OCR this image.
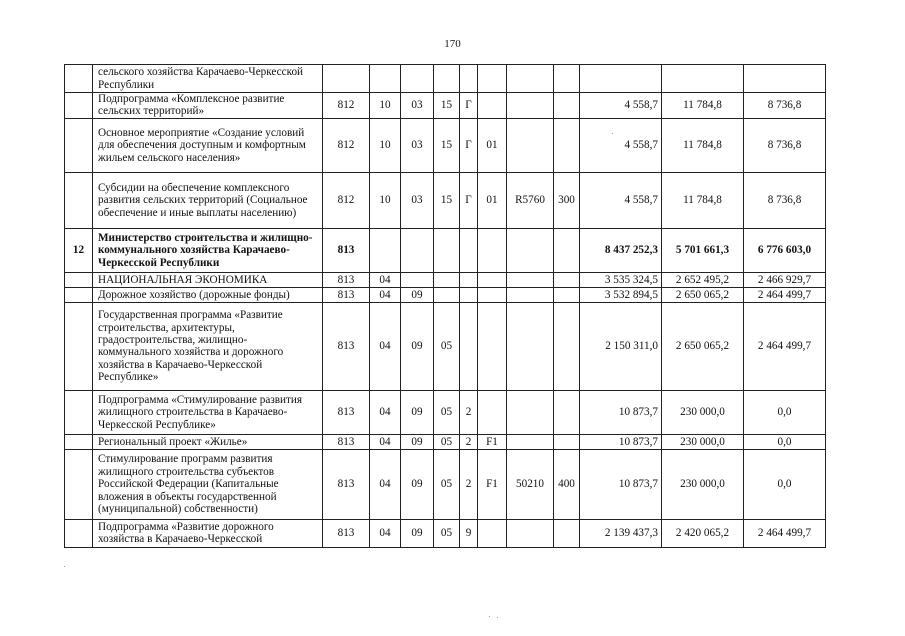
170
	сельского хозяйства Карачаево-Черкесской Республики											
	Подпрограмма «Комплексное развитие сельских территорий»	812	10	03	15	Г				4 558,7	11 784,8	8 736,8
	Основное мероприятие «Создание условий для обеспечения доступным и комфортным жильем сельского населения»	812	10	03	15	Г	01			4 558,7	11 784,8	8 736,8
	Субсидии на обеспечение комплексного развития сельских территорий (Социальное обеспечение и иные выплаты населению)	812	10	03	15	Г	01	R5760	300	4 558,7	11 784,8	8 736,8
12	Министерство строительства и жилищно-коммунального хозяйства Карачаево-Черкесской Республики	813								8 437 252,3	5 701 661,3	6 776 603,0
	НАЦИОНАЛЬНАЯ ЭКОНОМИКА	813	04							3 535 324,5	2 652 495,2	2 466 929,7
	Дорожное хозяйство (дорожные фонды)	813	04	09						3 532 894,5	2 650 065,2	2 464 499,7
	Государственная программа «Развитие строительства, архитектуры, градостроительства, жилищно-коммунального хозяйства и дорожного хозяйства в Карачаево-Черкесской Республике»	813	04	09	05					2 150 311,0	2 650 065,2	2 464 499,7
	Подпрограмма «Стимулирование развития жилищного строительства в Карачаево-Черкесской Республике»	813	04	09	05	2				10 873,7	230 000,0	0,0
	Региональный проект «Жилье»	813	04	09	05	2	F1			10 873,7	230 000,0	0,0
	Стимулирование программ развития жилищного строительства субъектов Российской Федерации (Капитальные вложения в объекты государственной (муниципальной) собственности)	813	04	09	05	2	F1	50210	400	10 873,7	230 000,0	0,0
	Подпрограмма «Развитие дорожного хозяйства в Карачаево-Черкесской	813	04	09	05	9				2 139 437,3	2 420 065,2	2 464 499,7
